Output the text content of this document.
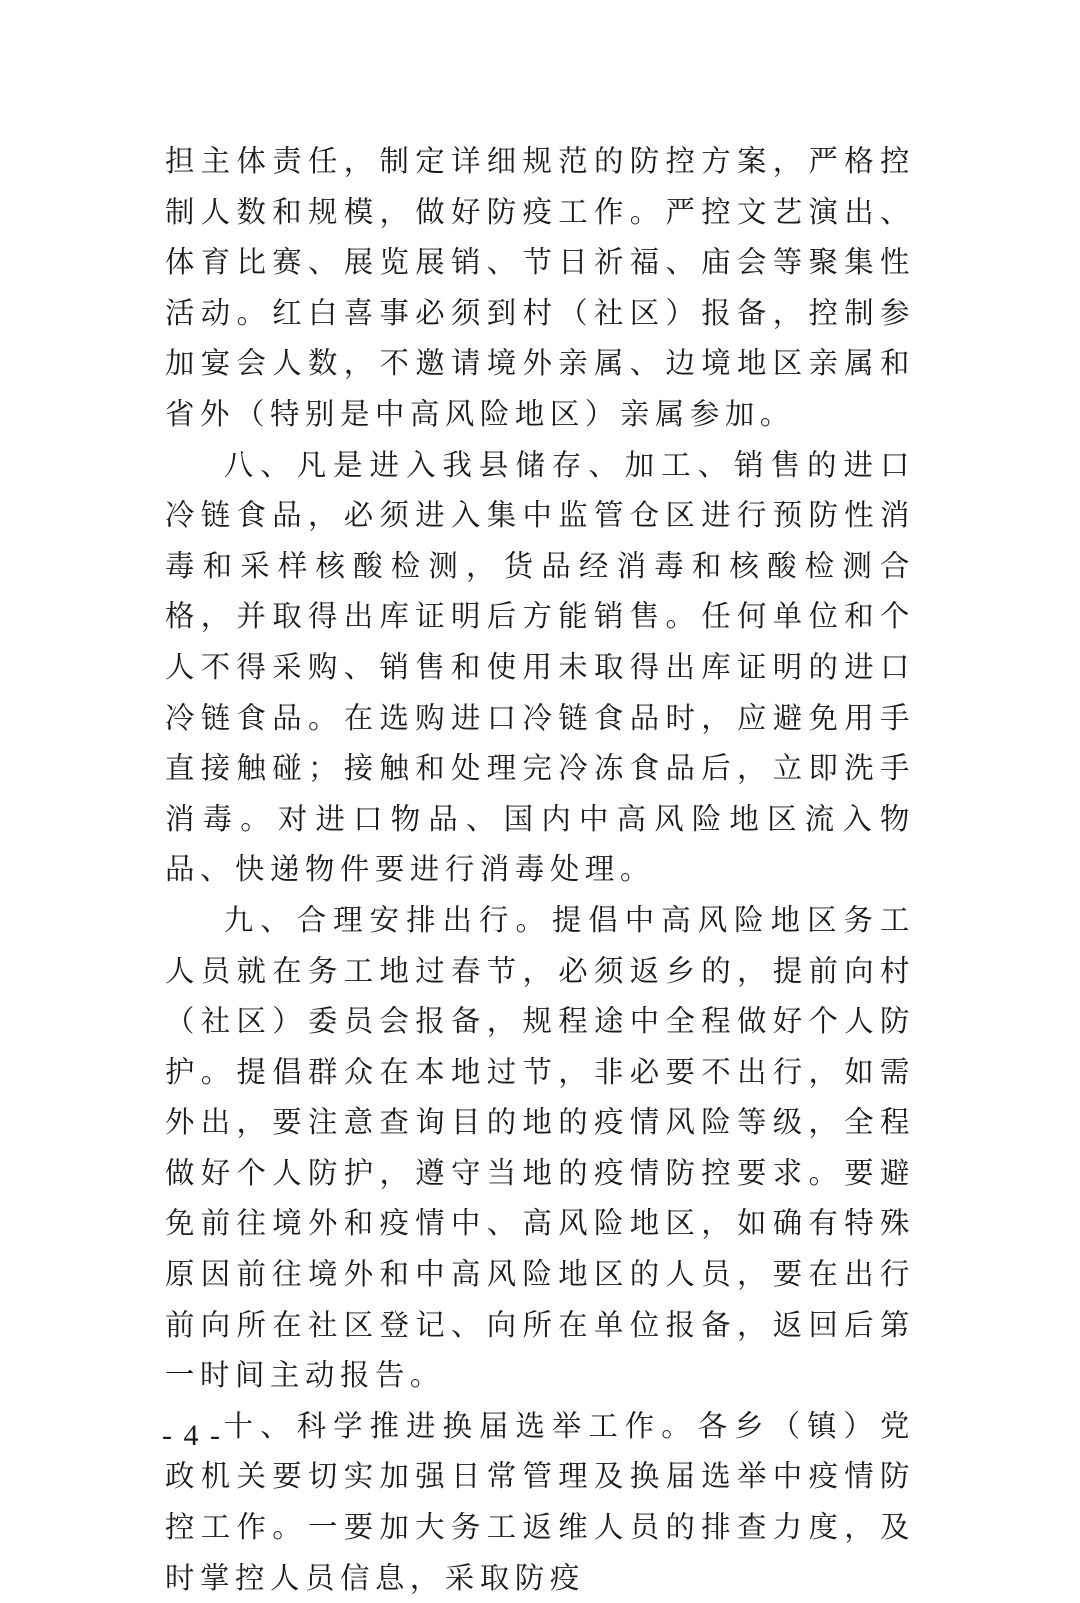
担主体责任，制定详细规范的防控方案，严格控制人数和规模，做好防疫工作。严控文艺演出、体育比赛、展览展销、节日祈福、庙会等聚集性活动。红白喜事必须到村（社区）报备，控制参加宴会人数，不邀请境外亲属、边境地区亲属和省外（特别是中高风险地区）亲属参加。

八、凡是进入我县储存、加工、销售的进口冷链食品，必须进入集中监管仓区进行预防性消毒和采样核酸检测，货品经消毒和核酸检测合格，并取得出库证明后方能销售。任何单位和个人不得采购、销售和使用未取得出库证明的进口冷链食品。在选购进口冷链食品时，应避免用手直接触碰；接触和处理完冷冻食品后，立即洗手消毒。对进口物品、国内中高风险地区流入物品、快递物件要进行消毒处理。

九、合理安排出行。提倡中高风险地区务工人员就在务工地过春节，必须返乡的，提前向村（社区）委员会报备，规程途中全程做好个人防护。提倡群众在本地过节，非必要不出行，如需外出，要注意查询目的地的疫情风险等级，全程做好个人防护，遵守当地的疫情防控要求。要避免前往境外和疫情中、高风险地区，如确有特殊原因前往境外和中高风险地区的人员，要在出行前向所在社区登记、向所在单位报备，返回后第一时间主动报告。

十、科学推进换届选举工作。各乡（镇）党政机关要切实加强日常管理及换届选举中疫情防控工作。一要加大务工返维人员的排查力度，及时掌控人员信息，采取防疫

- 4 -
